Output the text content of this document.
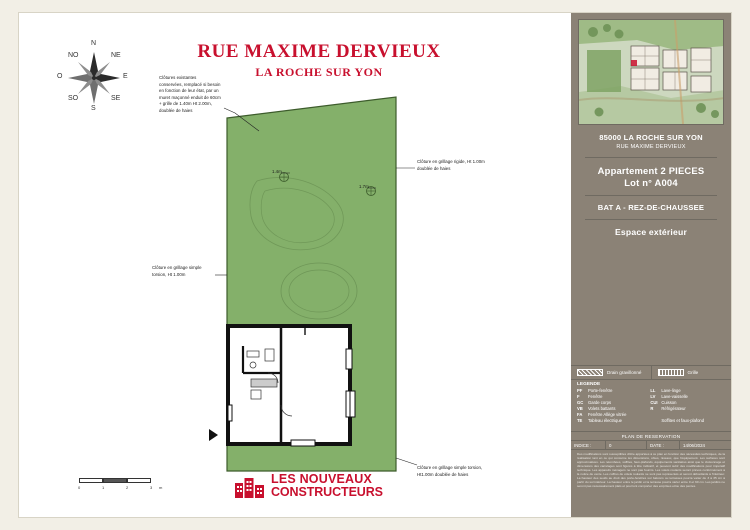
RUE MAXIME DERVIEUX
LA ROCHE SUR YON
N
S
E
O
NE
NO
SE
SO
Clôtures existantes conservées, remplacé si besoin en fonction de leur état, par un muret maçonné enduit de 60cm + grille de 1.40m Ht 2.00m, doublée de haies
Clôture en grillage rigide, Ht 1.00m doublée de haies
Clôture en grillage simple torsion, Ht 1.00m
Clôture en grillage simple torsion, Ht1.00m doublée de haies
1.4m
1.7m
0	1	2	3 m
LES NOUVEAUX
CONSTRUCTEURS
85000 LA ROCHE SUR YON
RUE MAXIME DERVIEUX
Appartement 2 PIECES
Lot n° A004
BAT A - REZ-DE-CHAUSSEE
Espace extérieur
Drain gravillonné	Grille
LEGENDE
PF	Porte-fenêtre	LL	Lave-linge
F	Fenêtre	LV	Lave-vaisselle
GC	Garde corps	CUI Cuisson
VB	Volets battants	R	Réfrigérateur
FA	Fenêtre Allège vitrée
TE	Tableau électrique	Soffites et faux-plafond
PLAN DE RESERVATION
INDICE :	0	DATE :	14/06/2024
Des modifications sont susceptibles d'être apportées à ce plan en fonction des nécessités techniques, de la réalisation tant en ce qui concerne les dimensions, côtes, niveaux, que l'équipement. Les surfaces sont approximatives. Les retombées, soffites, faux-plafonds, équipements sanitaires ainsi que le cloisonnage et dimensions des carrelages sont figurés à titre indicatif, et peuvent subir des modifications pour impératif technique. Les appareils ménagers ne sont pas fournis. Les volets roulants seront prévus conformément à la notice de vente. Les coffres de volets roulants ne sont pas représentés et seront débordants à l'intérieur. La hauteur des seuils au droit des porte-fenêtres sur balcons ou terrasses pourra varier de 3 à 35 cm à partir du sol intérieur. La hauteur entre le jardin et la terrasse pourra varier entre 0 et 60 cm. Les jardins ne seront pas nécessairement plats et pourront comporter des emprises et/ou des pentes.
